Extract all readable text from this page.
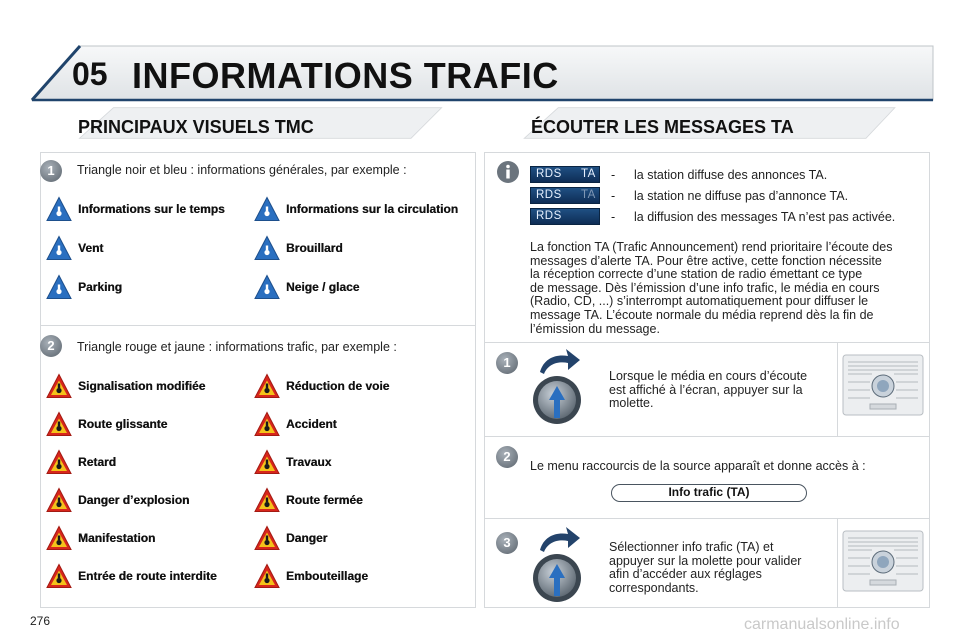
05 INFORMATIONS TRAFIC
PRINCIPAUX VISUELS TMC	ÉCOUTER LES MESSAGES TA
1	Triangle noir et bleu : informations générales, par exemple :
Informations sur le temps	Informations sur la circulation
Vent	Brouillard
Parking	Neige / glace
2	Triangle rouge et jaune : informations trafic, par exemple :
Signalisation modifiée	Réduction de voie
Route glissante	Accident
Retard	Travaux
Danger d’explosion	Route fermée
Manifestation	Danger
Entrée de route interdite	Embouteillage
RDS TA - la station diffuse des annonces TA.
RDS TA - la station ne diffuse pas d’annonce TA.
RDS	- la diffusion des messages TA n’est pas activée.
La fonction TA (Trafic Announcement) rend prioritaire l’écoute des
messages d’alerte TA. Pour être active, cette fonction nécessite
la réception correcte d’une station de radio émettant ce type
de message. Dès l’émission d’une info trafic, le média en cours
(Radio, CD, ...) s’interrompt automatiquement pour diffuser le
message TA. L’écoute normale du média reprend dès la fin de
l’émission du message.
1
Lorsque le média en cours d’écoute
est affiché à l’écran, appuyer sur la
molette.
2
Le menu raccourcis de la source apparaît et donne accès à :
Info trafic (TA)
3	Sélectionner info trafic (TA) et
appuyer sur la molette pour valider
afin d’accéder aux réglages
correspondants.
276	carmanualsonline.info
